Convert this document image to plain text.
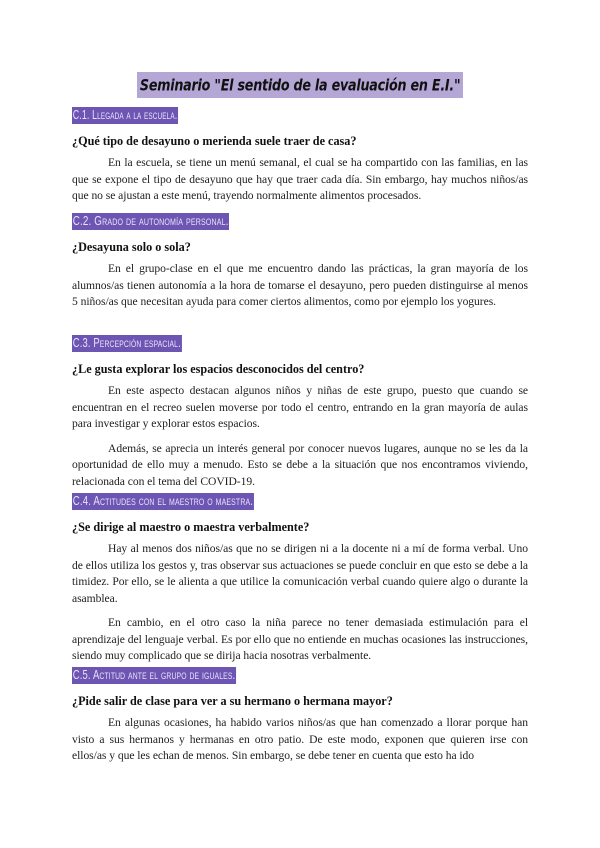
Seminario "El sentido de la evaluación en E.I."
C.1. Llegada a la escuela.
¿Qué tipo de desayuno o merienda suele traer de casa?
En la escuela, se tiene un menú semanal, el cual se ha compartido con las familias, en las que se expone el tipo de desayuno que hay que traer cada día. Sin embargo, hay muchos niños/as que no se ajustan a este menú, trayendo normalmente alimentos procesados.
C.2. Grado de autonomía personal.
¿Desayuna solo o sola?
En el grupo-clase en el que me encuentro dando las prácticas, la gran mayoría de los alumnos/as tienen autonomía a la hora de tomarse el desayuno, pero pueden distinguirse al menos 5 niños/as que necesitan ayuda para comer ciertos alimentos, como por ejemplo los yogures.
C.3. Percepción espacial.
¿Le gusta explorar los espacios desconocidos del centro?
En este aspecto destacan algunos niños y niñas de este grupo, puesto que cuando se encuentran en el recreo suelen moverse por todo el centro, entrando en la gran mayoría de aulas para investigar y explorar estos espacios.
Además, se aprecia un interés general por conocer nuevos lugares, aunque no se les da la oportunidad de ello muy a menudo. Esto se debe a la situación que nos encontramos viviendo, relacionada con el tema del COVID-19.
C.4. Actitudes con el maestro o maestra.
¿Se dirige al maestro o maestra verbalmente?
Hay al menos dos niños/as que no se dirigen ni a la docente ni a mí de forma verbal. Uno de ellos utiliza los gestos y, tras observar sus actuaciones se puede concluir en que esto se debe a la timidez. Por ello, se le alienta a que utilice la comunicación verbal cuando quiere algo o durante la asamblea.
En cambio, en el otro caso la niña parece no tener demasiada estimulación para el aprendizaje del lenguaje verbal. Es por ello que no entiende en muchas ocasiones las instrucciones, siendo muy complicado que se dirija hacia nosotras verbalmente.
C.5. Actitud ante el grupo de iguales.
¿Pide salir de clase para ver a su hermano o hermana mayor?
En algunas ocasiones, ha habido varios niños/as que han comenzado a llorar porque han visto a sus hermanos y hermanas en otro patio. De este modo, exponen que quieren irse con ellos/as y que les echan de menos. Sin embargo, se debe tener en cuenta que esto ha ido
